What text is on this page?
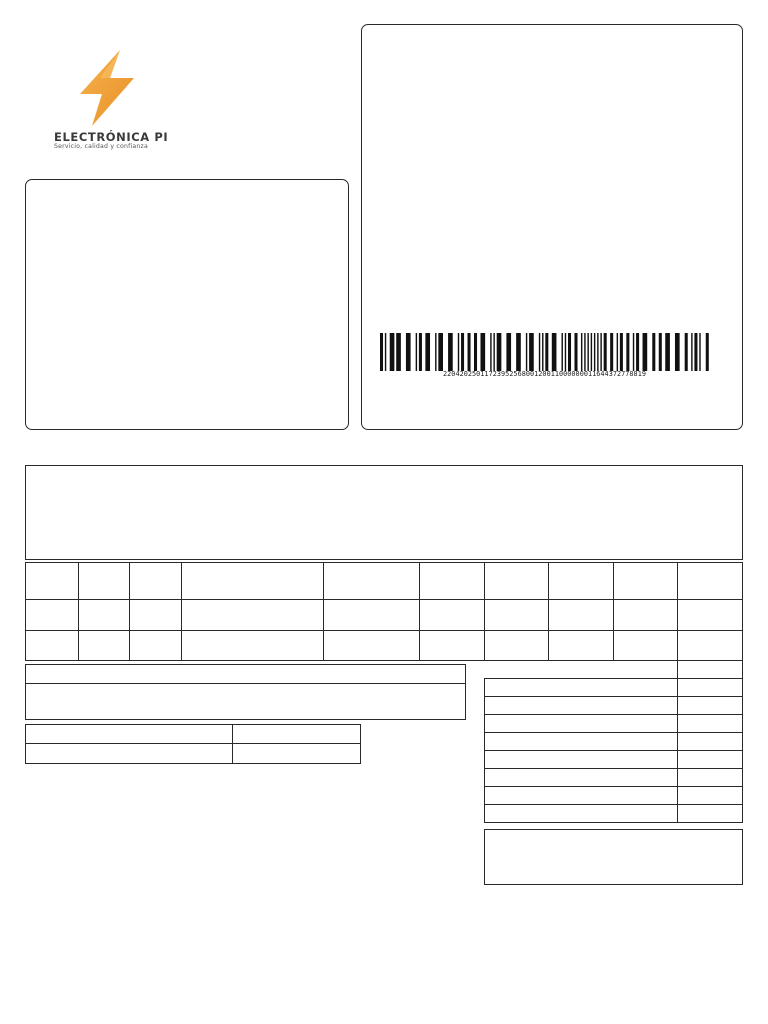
ELECTRÓNICA PI
Servicio, calidad y confianza
2204202501172395256800120011000000011644372778819
